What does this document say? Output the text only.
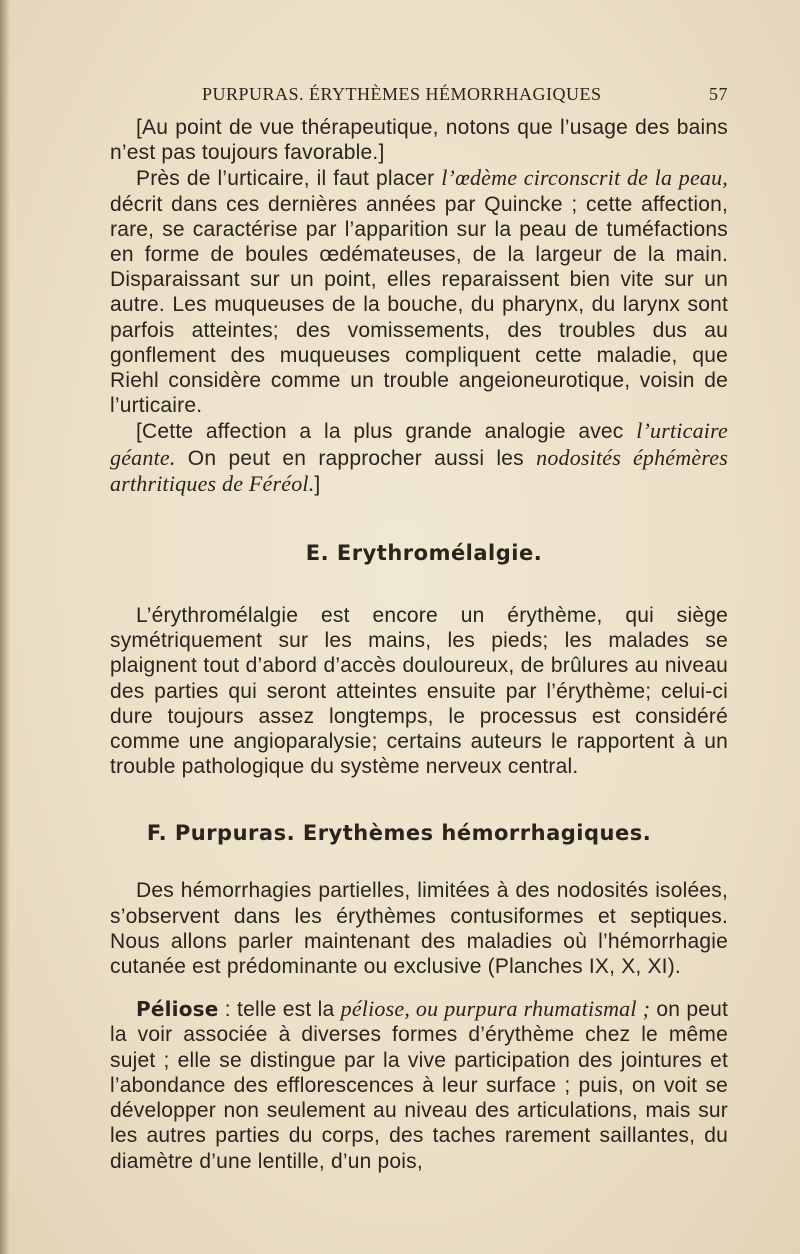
PURPURAS. ÉRYTHÈMES HÉMORRHAGIQUES	57

[Au point de vue thérapeutique, notons que l’usage des bains n’est pas toujours favorable.]

Près de l’urticaire, il faut placer l’œdème circonscrit de la peau, décrit dans ces dernières années par Quincke ; cette affection, rare, se caractérise par l’apparition sur la peau de tuméfactions en forme de boules œdémateuses, de la largeur de la main. Disparaissant sur un point, elles reparaissent bien vite sur un autre. Les muqueuses de la bouche, du pharynx, du larynx sont parfois atteintes; des vomissements, des troubles dus au gonflement des muqueuses compliquent cette maladie, que Riehl considère comme un trouble angeioneurotique, voisin de l’urticaire.

[Cette affection a la plus grande analogie avec l’urticaire géante. On peut en rapprocher aussi les nodosités éphémères arthritiques de Féréol.]

E. Erythromélalgie.

L’érythromélalgie est encore un érythème, qui siège symétriquement sur les mains, les pieds; les malades se plaignent tout d’abord d’accès douloureux, de brûlures au niveau des parties qui seront atteintes ensuite par l’érythème; celui-ci dure toujours assez longtemps, le processus est considéré comme une angioparalysie; certains auteurs le rapportent à un trouble pathologique du système nerveux central.

F. Purpuras. Erythèmes hémorrhagiques.

Des hémorrhagies partielles, limitées à des nodosités isolées, s’observent dans les érythèmes contusiformes et septiques. Nous allons parler maintenant des maladies où l’hémorrhagie cutanée est prédominante ou exclusive (Planches IX, X, XI).

Péliose : telle est la péliose, ou purpura rhumatismal ; on peut la voir associée à diverses formes d’érythème chez le même sujet ; elle se distingue par la vive participation des jointures et l’abondance des efflorescences à leur surface ; puis, on voit se développer non seulement au niveau des articulations, mais sur les autres parties du corps, des taches rarement saillantes, du diamètre d’une lentille, d’un pois,
